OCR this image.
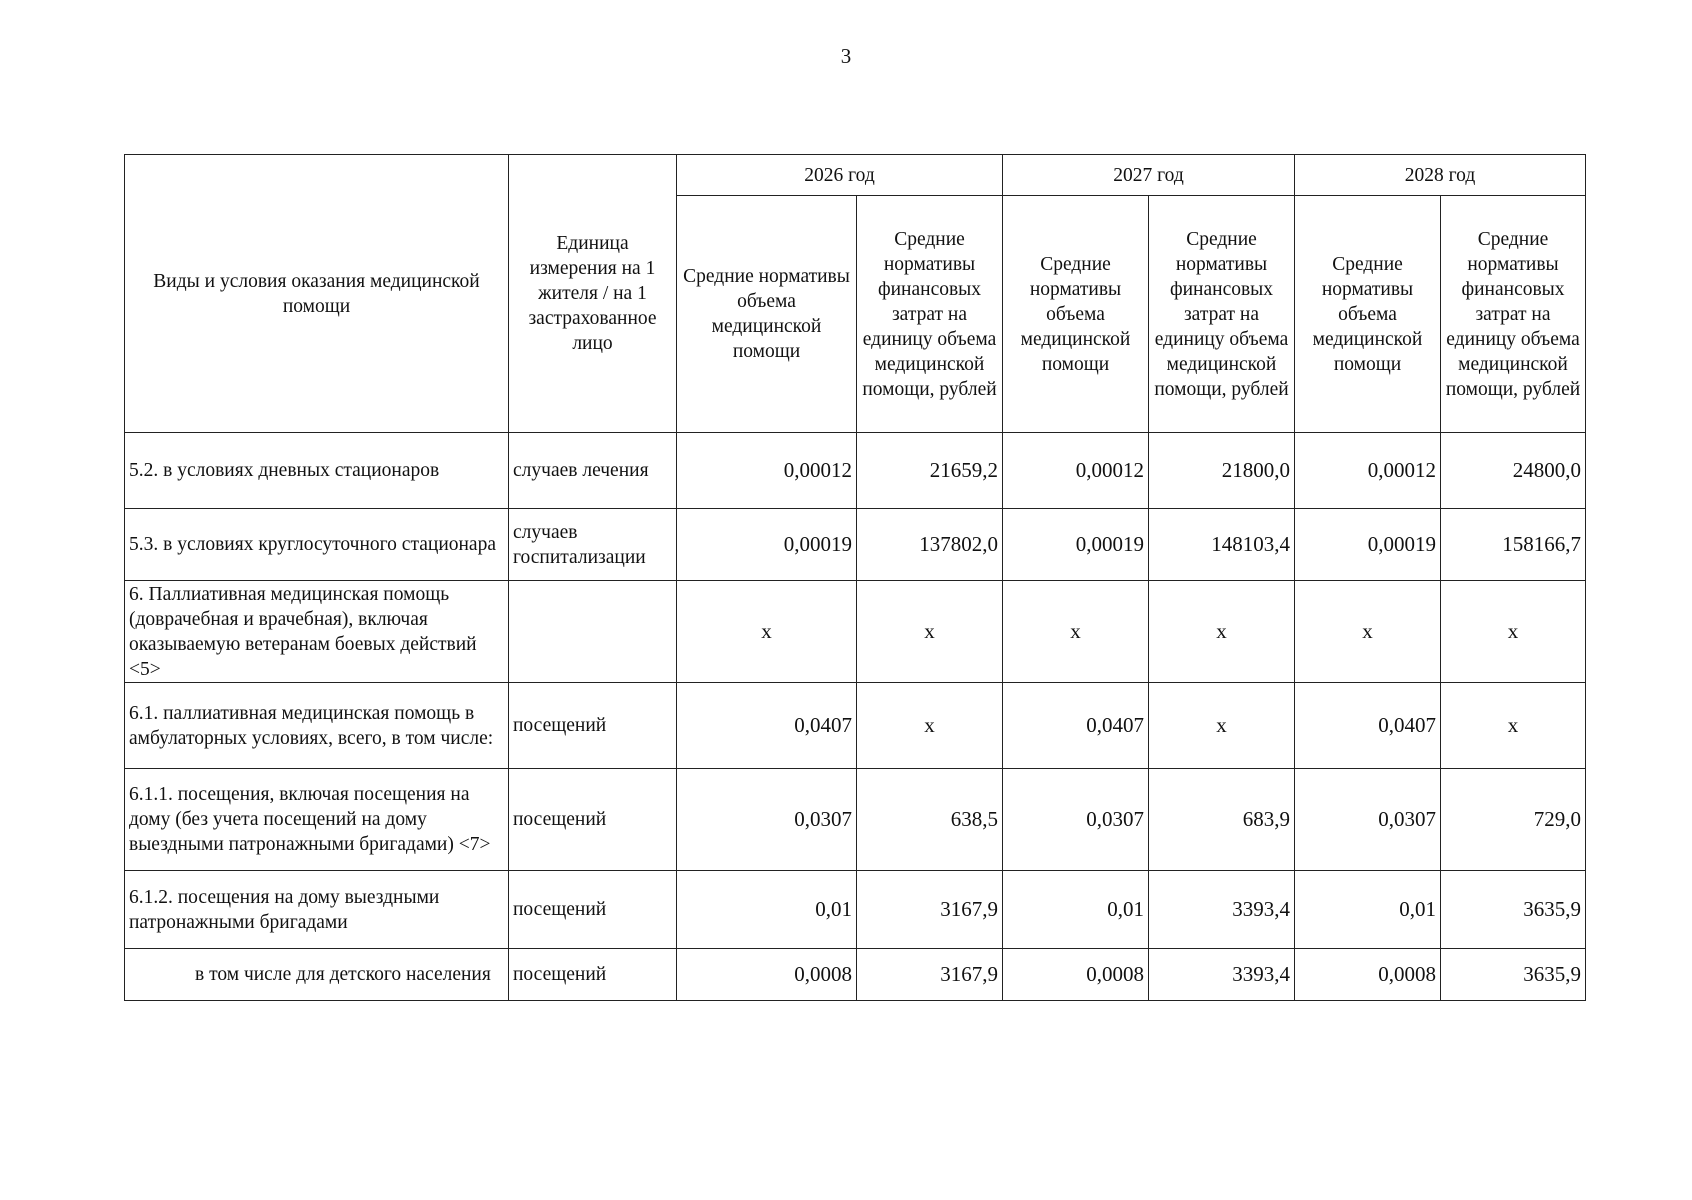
3
Виды и условия оказания медицинской помощи	Единица измерения на 1 жителя / на 1 застрахованное лицо	2026 год		2027 год		2028 год	
		Средние нормативы объема медицинской помощи	Средние нормативы финансовых затрат на единицу объема медицинской помощи, рублей	Средние нормативы объема медицинской помощи	Средние нормативы финансовых затрат на единицу объема медицинской помощи, рублей	Средние нормативы объема медицинской помощи	Средние нормативы финансовых затрат на единицу объема медицинской помощи, рублей
5.2. в условиях дневных стационаров	случаев лечения	0,00012	21659,2	0,00012	21800,0	0,00012	24800,0
5.3. в условиях круглосуточного стационара	случаев госпитализации	0,00019	137802,0	0,00019	148103,4	0,00019	158166,7
6. Паллиативная медицинская помощь (доврачебная и врачебная), включая оказываемую ветеранам боевых действий <5>		х	х	х	х	х	х
6.1. паллиативная медицинская помощь в амбулаторных условиях, всего, в том числе:	посещений	0,0407	х	0,0407	х	0,0407	х
6.1.1. посещения, включая посещения на дому (без учета посещений на дому выездными патронажными бригадами) <7>	посещений	0,0307	638,5	0,0307	683,9	0,0307	729,0
6.1.2. посещения на дому выездными патронажными бригадами	посещений	0,01	3167,9	0,01	3393,4	0,01	3635,9
в том числе для детского населения	посещений	0,0008	3167,9	0,0008	3393,4	0,0008	3635,9
